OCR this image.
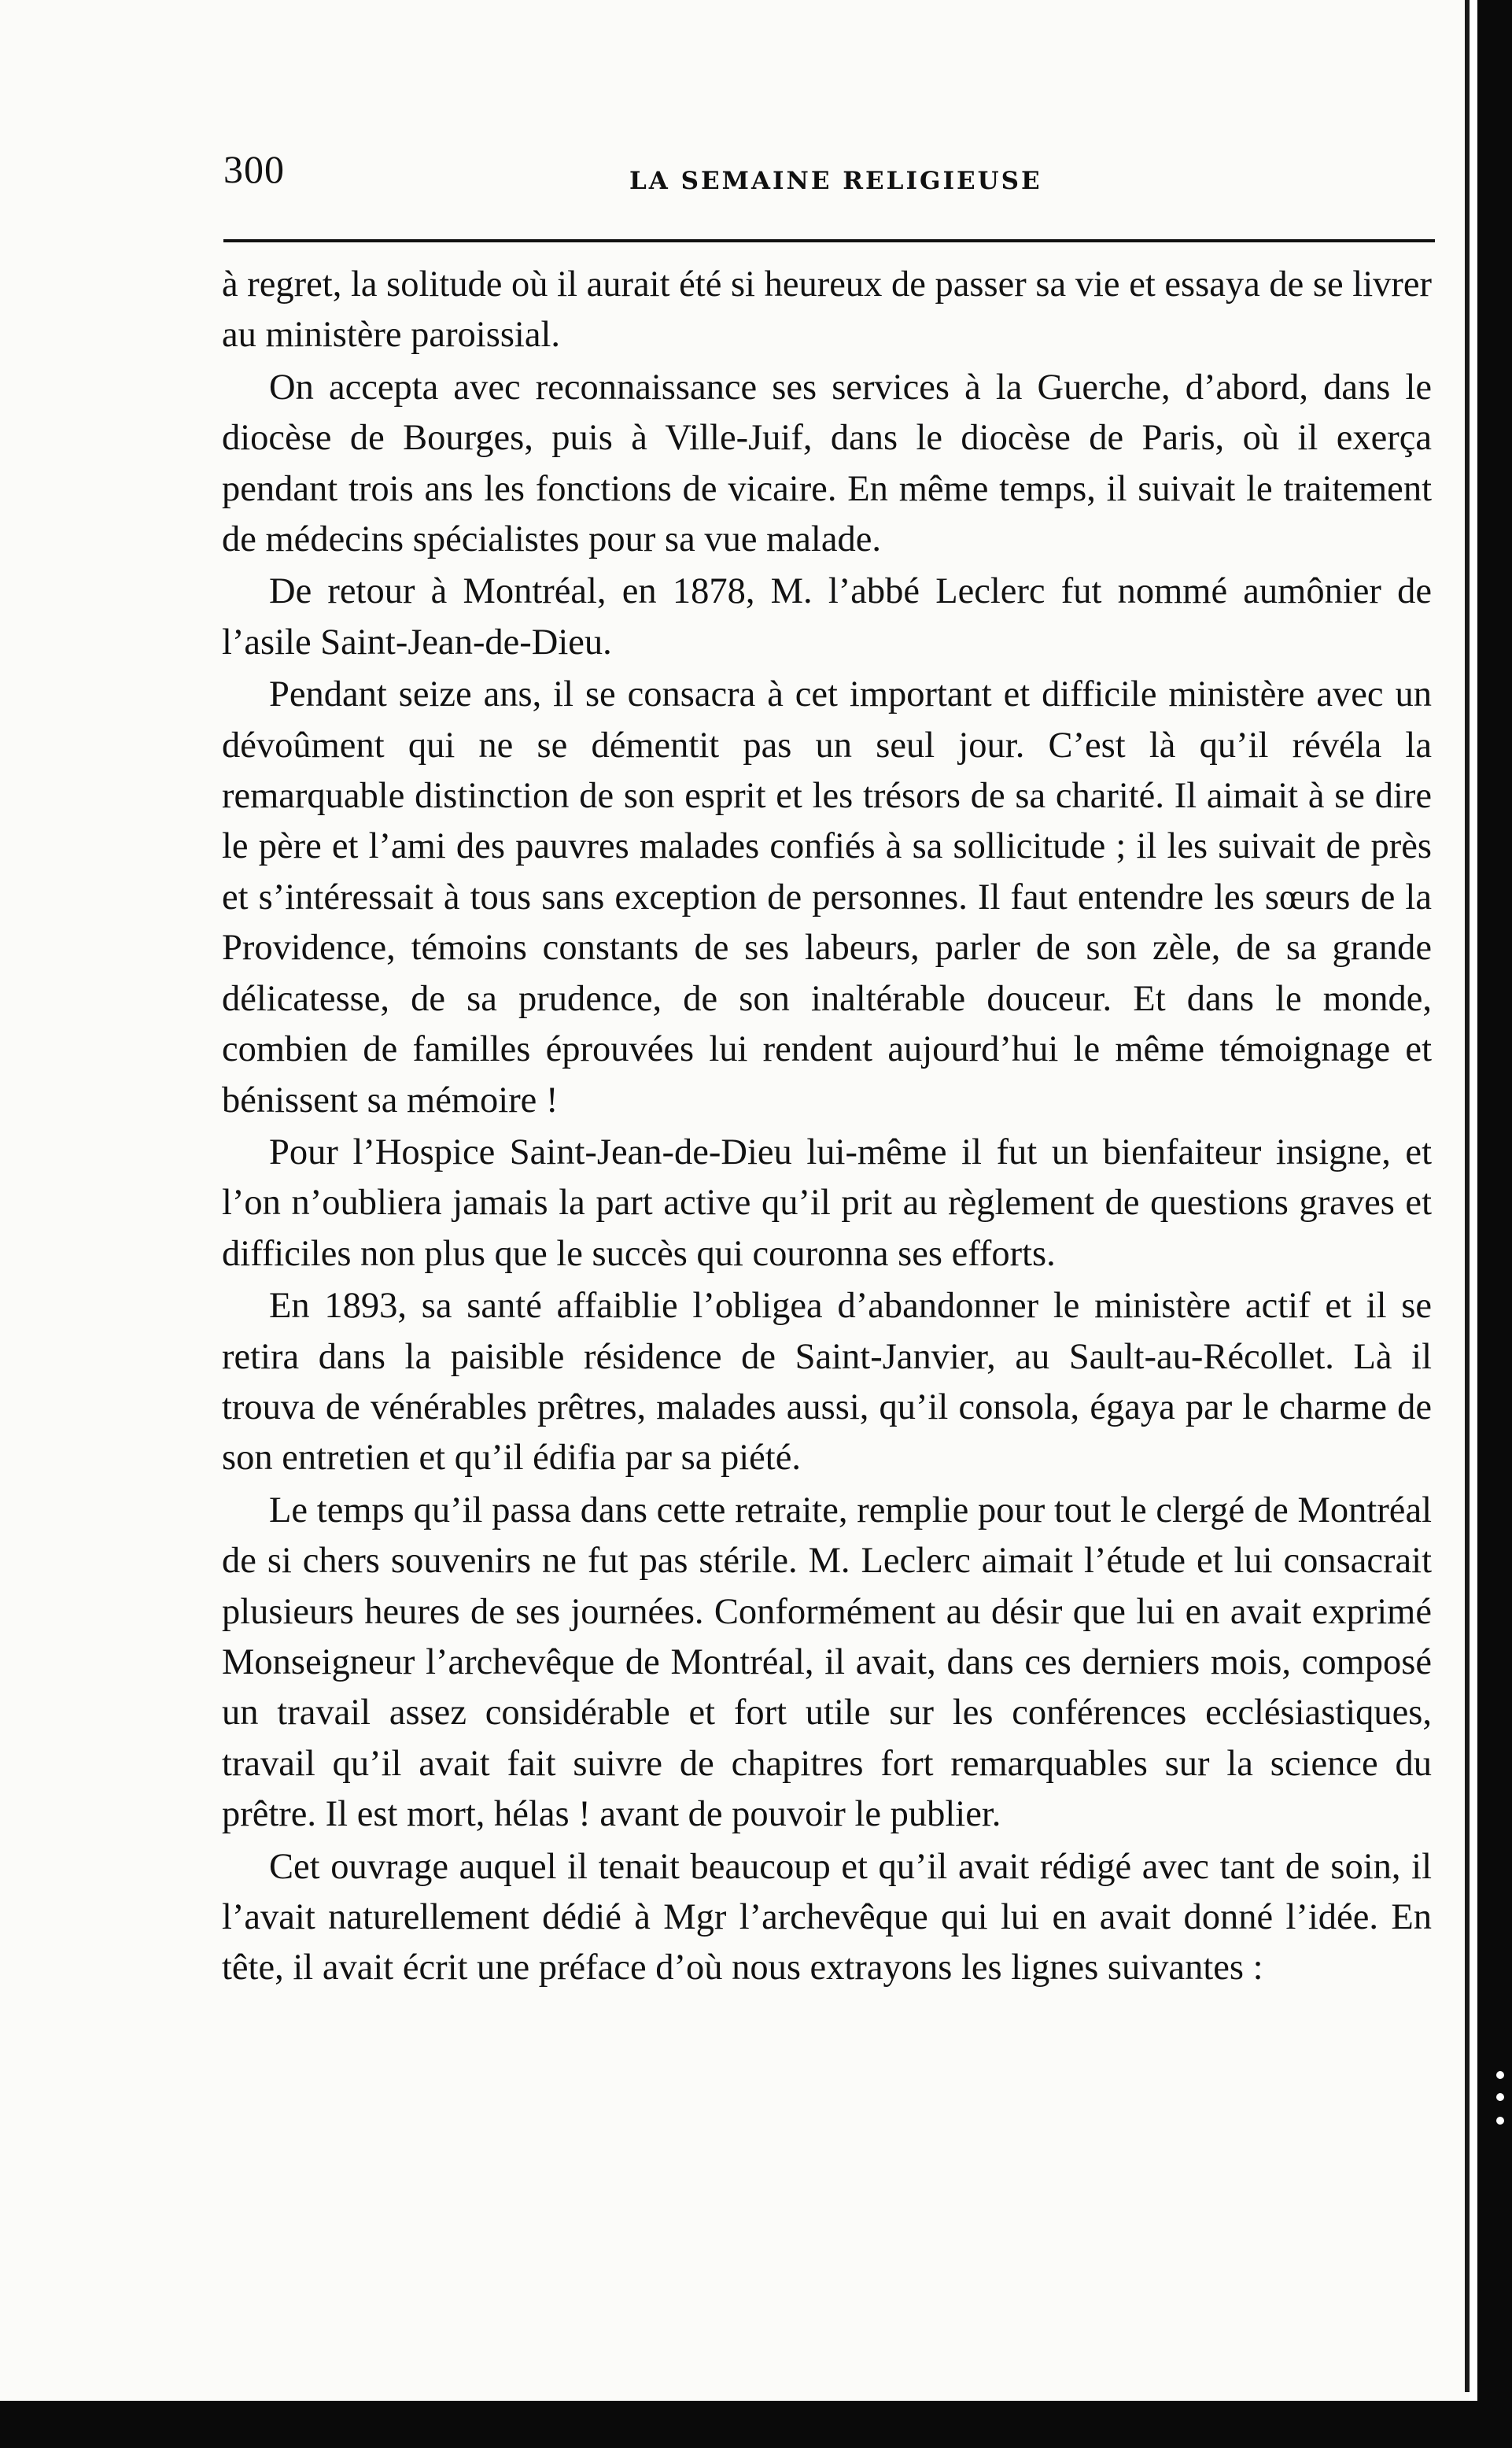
300	LA SEMAINE RELIGIEUSE

à regret, la solitude où il aurait été si heureux de passer sa vie et essaya de se livrer au ministère paroissial.

On accepta avec reconnaissance ses services à la Guerche, d’abord, dans le diocèse de Bourges, puis à Ville-Juif, dans le diocèse de Paris, où il exerça pendant trois ans les fonctions de vicaire. En même temps, il suivait le traitement de médecins spécialistes pour sa vue malade.

De retour à Montréal, en 1878, M. l’abbé Leclerc fut nommé aumônier de l’asile Saint-Jean-de-Dieu.

Pendant seize ans, il se consacra à cet important et difficile ministère avec un dévoûment qui ne se démentit pas un seul jour. C’est là qu’il révéla la remarquable distinction de son esprit et les trésors de sa charité. Il aimait à se dire le père et l’ami des pauvres malades confiés à sa sollicitude ; il les suivait de près et s’intéressait à tous sans exception de personnes. Il faut entendre les sœurs de la Providence, témoins constants de ses labeurs, parler de son zèle, de sa grande délicatesse, de sa prudence, de son inaltérable douceur. Et dans le monde, combien de familles éprouvées lui rendent aujourd’hui le même témoignage et bénissent sa mémoire !

Pour l’Hospice Saint-Jean-de-Dieu lui-même il fut un bienfaiteur insigne, et l’on n’oubliera jamais la part active qu’il prit au règlement de questions graves et difficiles non plus que le succès qui couronna ses efforts.

En 1893, sa santé affaiblie l’obligea d’abandonner le ministère actif et il se retira dans la paisible résidence de Saint-Janvier, au Sault-au-Récollet. Là il trouva de vénérables prêtres, malades aussi, qu’il consola, égaya par le charme de son entretien et qu’il édifia par sa piété.

Le temps qu’il passa dans cette retraite, remplie pour tout le clergé de Montréal de si chers souvenirs ne fut pas stérile. M. Leclerc aimait l’étude et lui consacrait plusieurs heures de ses journées. Conformément au désir que lui en avait exprimé Monseigneur l’archevêque de Montréal, il avait, dans ces derniers mois, composé un travail assez considérable et fort utile sur les conférences ecclésiastiques, travail qu’il avait fait suivre de chapitres fort remarquables sur la science du prêtre. Il est mort, hélas ! avant de pouvoir le publier.

Cet ouvrage auquel il tenait beaucoup et qu’il avait rédigé avec tant de soin, il l’avait naturellement dédié à Mgr l’archevêque qui lui en avait donné l’idée. En tête, il avait écrit une préface d’où nous extrayons les lignes suivantes :
